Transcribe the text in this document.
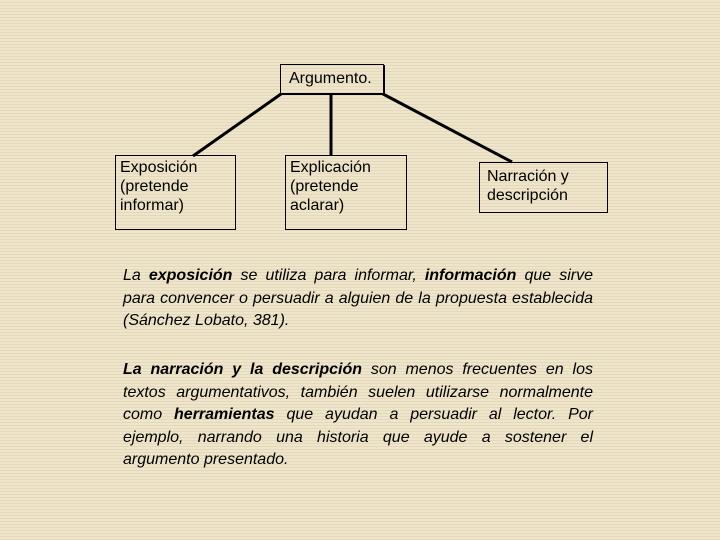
Argumento.
Exposición
(pretende
informar)
Explicación
(pretende
aclarar)
Narración y
descripción

La exposición se utiliza para informar, información que sirve para convencer o persuadir a alguien de la propuesta establecida (Sánchez Lobato, 381).

La narración y la descripción son menos frecuentes en los textos argumentativos, también suelen utilizarse normalmente como herramientas que ayudan a persuadir al lector. Por ejemplo, narrando una historia que ayude a sostener el argumento presentado.
